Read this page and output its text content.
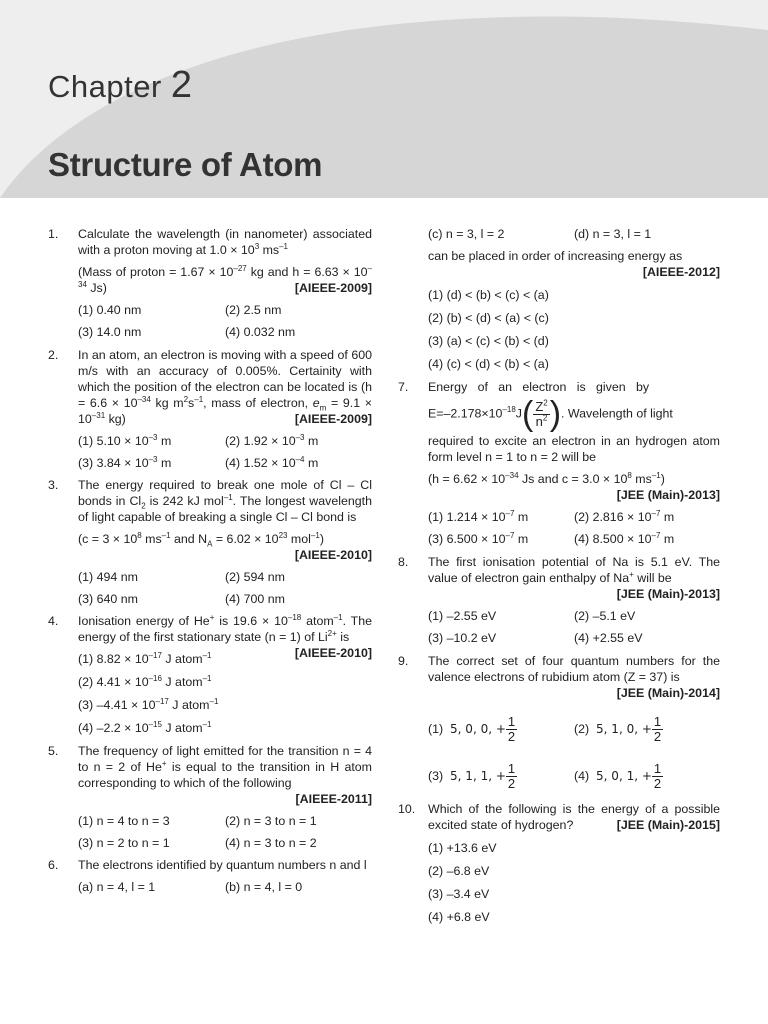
Chapter 2
Structure of Atom
1. Calculate the wavelength (in nanometer) associated with a proton moving at $1.0 \times 10^3$ $ms^{-1}$
(Mass of proton = $1.67 \times 10^{-27}$ kg and $h = 6.63 \times 10^{-34}$ Js)	[AIEEE-2009]
(1) 0.40 nm	(2) 2.5 nm
(3) 14.0 nm	(4) 0.032 nm
2. In an atom, an electron is moving with a speed of 600 m/s with an accuracy of 0.005%. Certainity with which the position of the electron can be located is ($h = 6.6 \times 10^{-34}$ kg $m^2s^{-1}$, mass of electron, $e_m = 9.1 \times 10^{-31}$ kg)	[AIEEE-2009]
(1) $5.10 \times 10^{-3}$ m	(2) $1.92 \times 10^{-3}$ m
(3) $3.84 \times 10^{-3}$ m	(4) $1.52 \times 10^{-4}$ m
3. The energy required to break one mole of Cl – Cl bonds in $Cl_2$ is 242 kJ mol$^{-1}$. The longest wavelength of light capable of breaking a single Cl – Cl bond is
($c = 3 \times 10^8$ $ms^{-1}$ and $N_A = 6.02 \times 10^{23}$ mol$^{-1}$)
[AIEEE-2010]
(1) 494 nm	(2) 594 nm
(3) 640 nm	(4) 700 nm
4. Ionisation energy of He+ is $19.6 \times 10^{-18}$ atom$^{-1}$. The energy of the first stationary state (n = 1) of $Li^{2+}$ is
[AIEEE-2010]
(1) $8.82 \times 10^{-17}$ J atom$^{-1}$
(2) $4.41 \times 10^{-16}$ J atom$^{-1}$
(3) $-4.41 \times 10^{-17}$ J atom$^{-1}$
(4) $-2.2 \times 10^{-15}$ J atom$^{-1}$
5. The frequency of light emitted for the transition n = 4 to n = 2 of He+ is equal to the transition in H atom corresponding to which of the following
[AIEEE-2011]
(1) n = 4 to n = 3	(2) n = 3 to n = 1
(3) n = 2 to n = 1	(4) n = 3 to n = 2
6. The electrons identified by quantum numbers n and l
(a) n = 4, l = 1	(b) n = 4, l = 0
(c) n = 3, l = 2	(d) n = 3, l = 1
can be placed in order of increasing energy as
[AIEEE-2012]
(1) (d) < (b) < (c) < (a)
(2) (b) < (d) < (a) < (c)
(3) (a) < (c) < (b) < (d)
(4) (c) < (d) < (b) < (a)
7. Energy   of   an   electron   is   given   by
$E=-2.178\times 10^{-18}J( \frac{Z^2}{n^2}$ ). Wavelength of light
required to excite an electron in an hydrogen atom form level n = 1 to n = 2 will be
($h = 6.62 \times 10^{-34}$ Js and $c = 3.0 \times 10^8$ $ms^{-1}$)
[JEE (Main)-2013]
(1) $1.214 \times 10^{-7}$ m	(2) $2.816 \times 10^{-7}$ m
(3) $6.500 \times 10^{-7}$ m	(4) $8.500 \times 10^{-7}$ m
8. The first ionisation potential of Na is 5.1 eV. The value of electron gain enthalpy of Na+ will be
[JEE (Main)-2013]
(1) –2.55 eV	(2) –5.1 eV
(3) –10.2 eV	(4) +2.55 eV
9. The correct set of four quantum numbers for the valence electrons of rubidium atom (Z = 37) is
[JEE (Main)-2014]
(1) 5, 0, 0, + $\frac{1}{2}$	(2) 5, 1, 0, + $\frac{1}{2}$
(3) 5, 1, 1, + $\frac{1}{2}$	(4) 5, 0, 1, + $\frac{1}{2}$
10. Which of the following is the energy of a possible excited state of hydrogen?	[JEE (Main)-2015]
(1) +13.6 eV
(2) –6.8 eV
(3) –3.4 eV
(4) +6.8 eV
